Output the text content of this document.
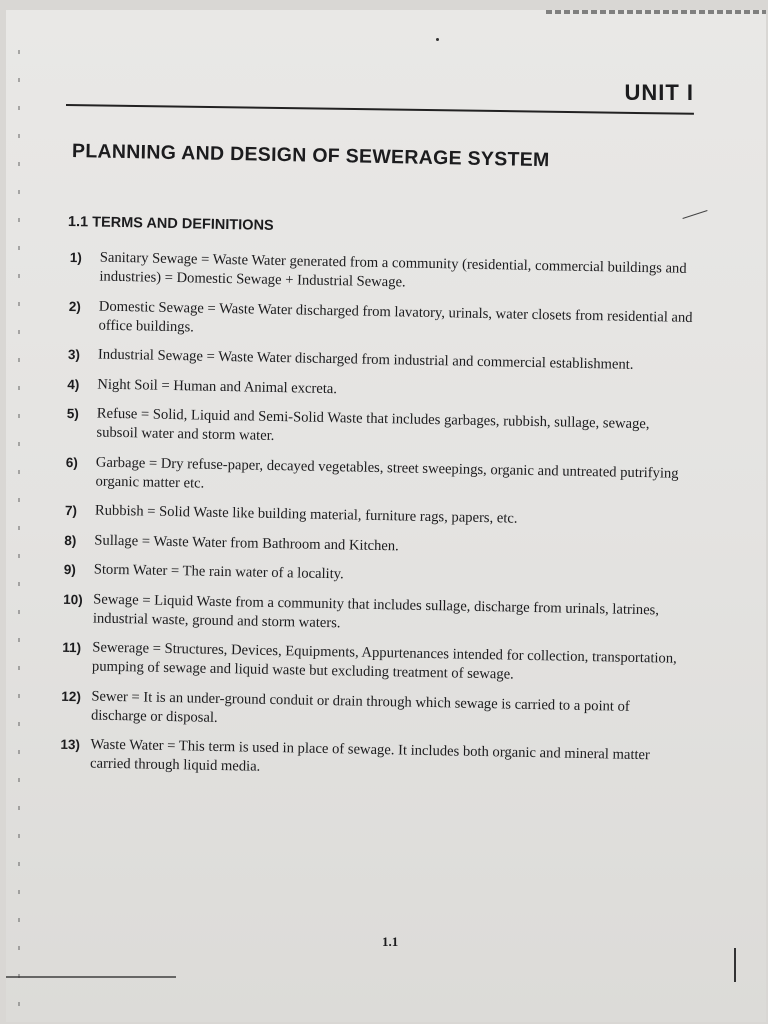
UNIT I
PLANNING AND DESIGN OF SEWERAGE SYSTEM
1.1 TERMS AND DEFINITIONS
1)	Sanitary Sewage = Waste Water generated from a community (residential, commercial buildings and industries) = Domestic Sewage + Industrial Sewage.
2)	Domestic Sewage = Waste Water discharged from lavatory, urinals, water closets from residential and office buildings.
3)	Industrial Sewage = Waste Water discharged from industrial and commercial establishment.
4)	Night Soil = Human and Animal excreta.
5)	Refuse = Solid, Liquid and Semi-Solid Waste that includes garbages, rubbish, sullage, sewage, subsoil water and storm water.
6)	Garbage = Dry refuse-paper, decayed vegetables, street sweepings, organic and untreated putrifying organic matter etc.
7)	Rubbish = Solid Waste like building material, furniture rags, papers, etc.
8)	Sullage = Waste Water from Bathroom and Kitchen.
9)	Storm Water = The rain water of a locality.
10) Sewage = Liquid Waste from a community that includes sullage, discharge from urinals, latrines, industrial waste, ground and storm waters.
11) Sewerage = Structures, Devices, Equipments, Appurtenances intended for collection, transportation, pumping of sewage and liquid waste but excluding treatment of sewage.
12) Sewer = It is an under-ground conduit or drain through which sewage is carried to a point of discharge or disposal.
13) Waste Water = This term is used in place of sewage. It includes both organic and mineral matter carried through liquid media.
1.1
